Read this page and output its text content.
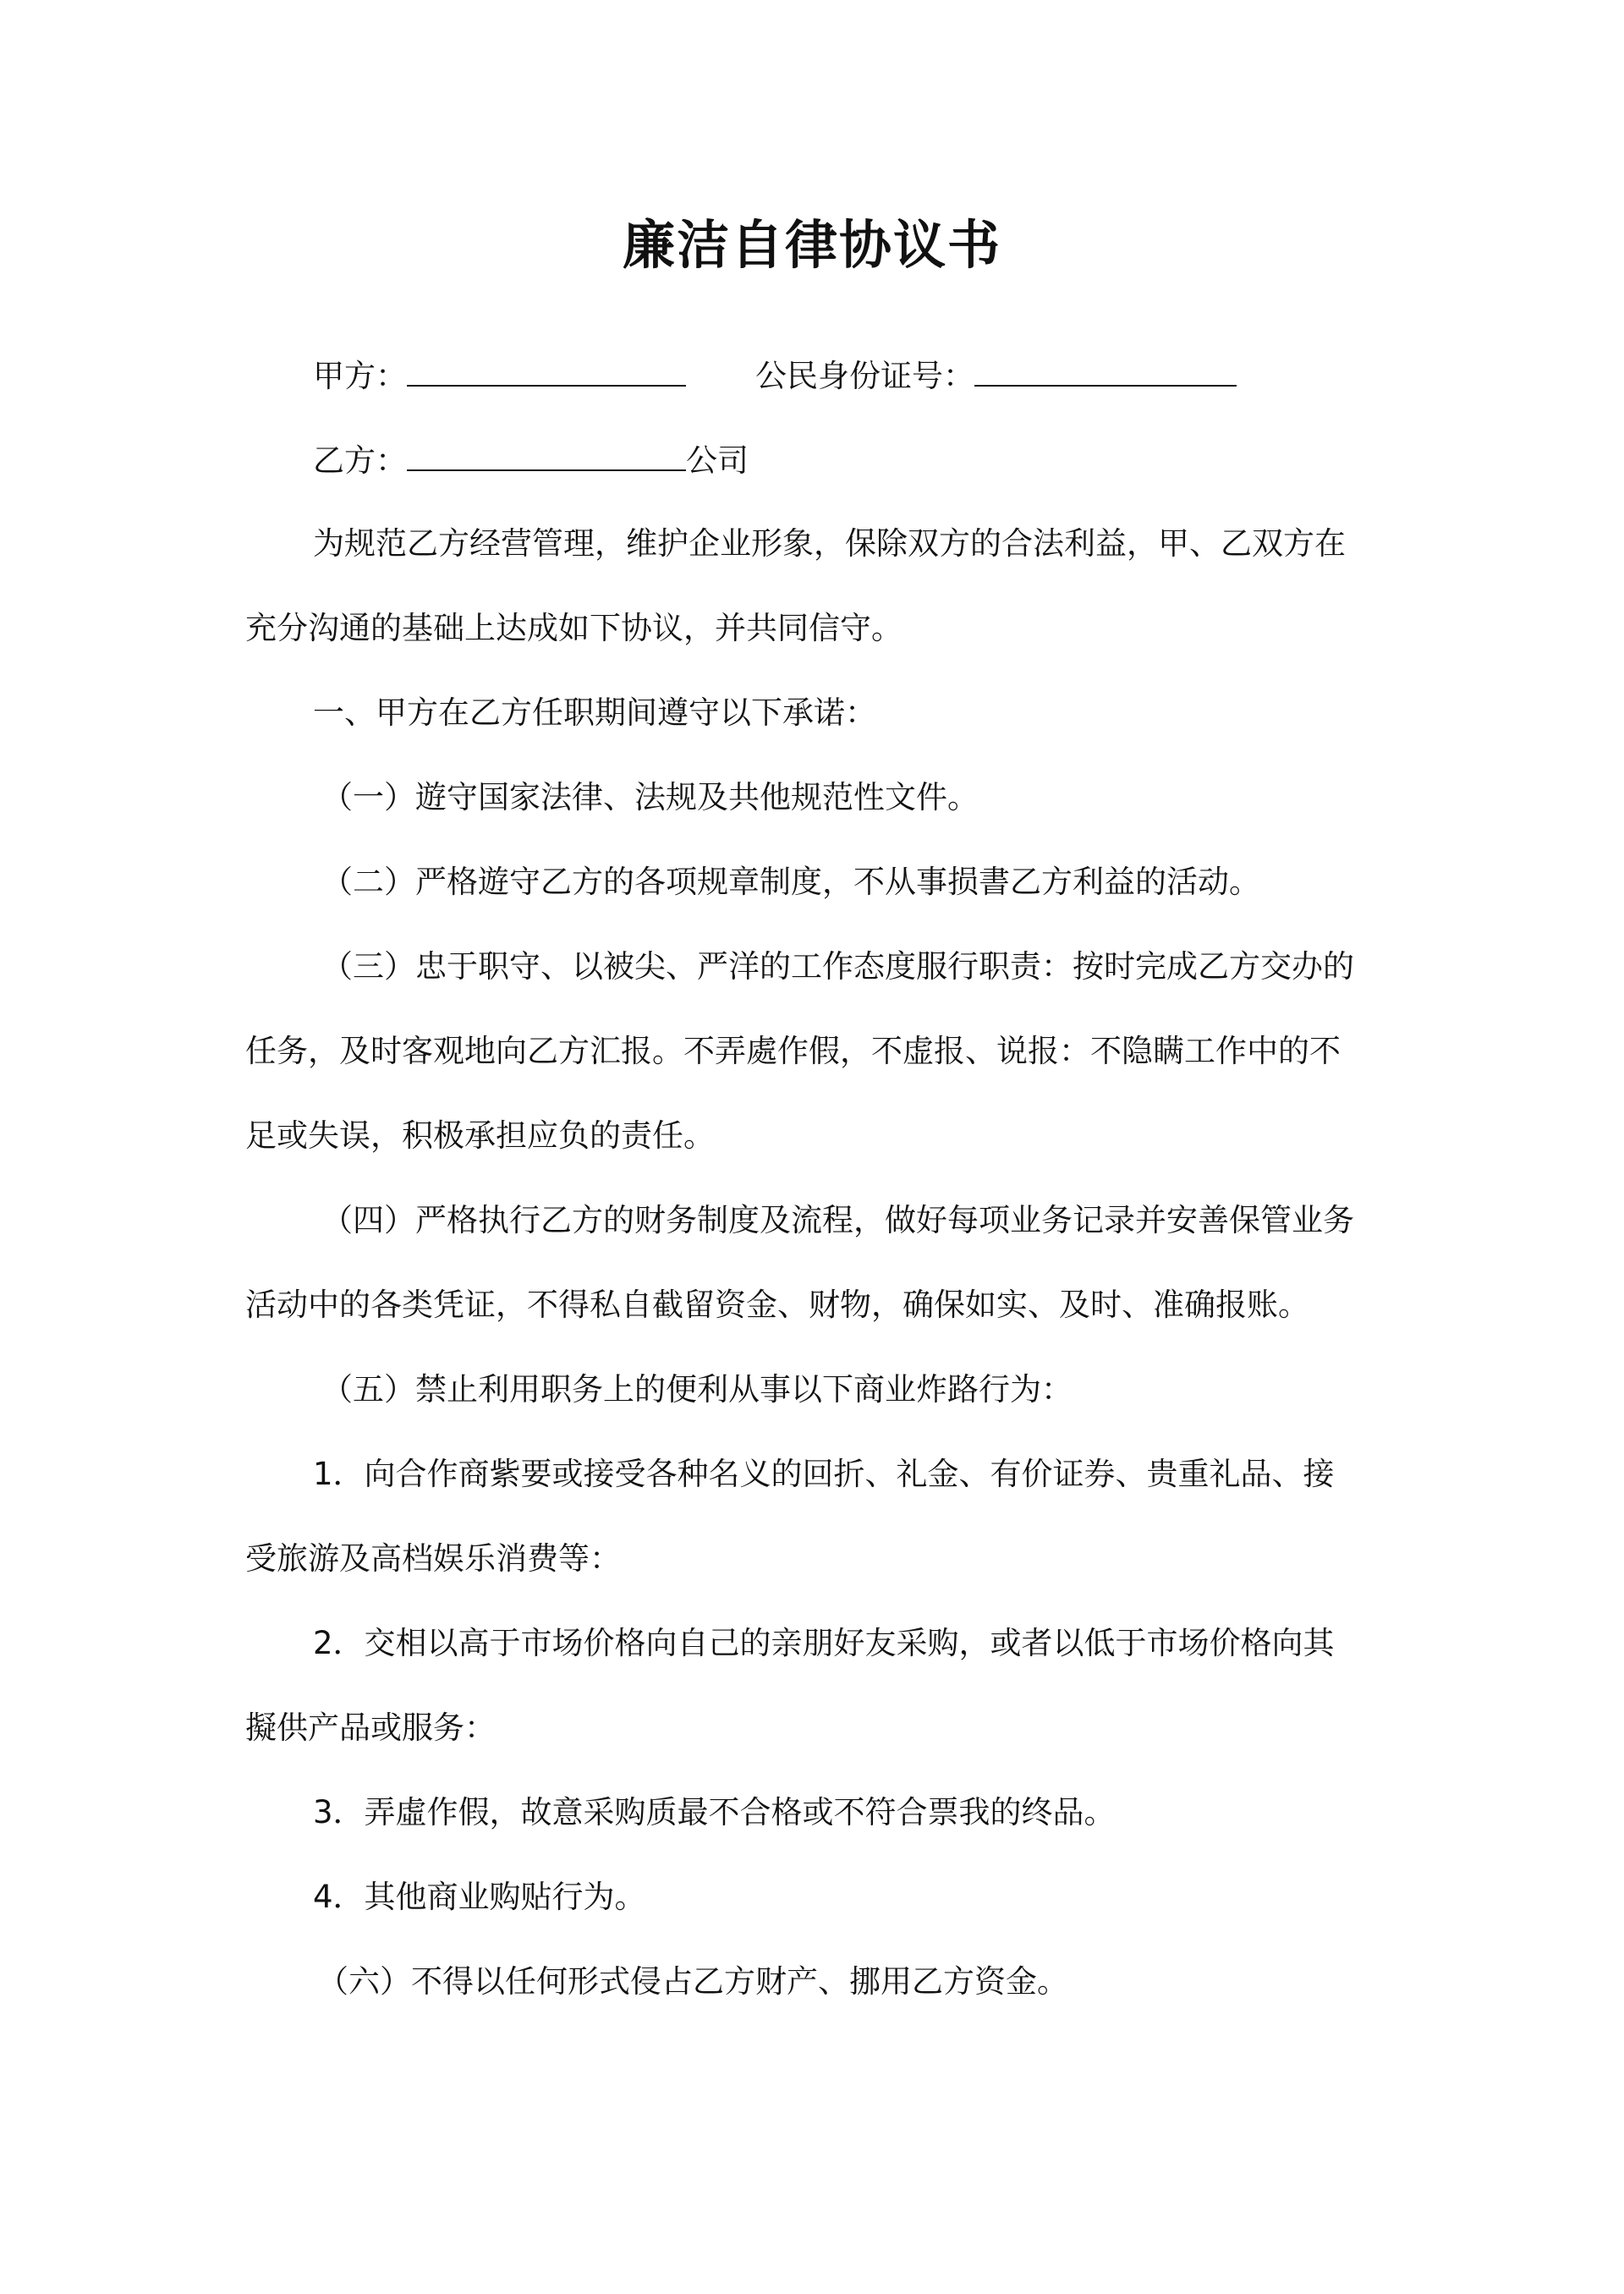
廉洁自律协议书
甲方：	公民身份证号：
乙方：	公司
为规范乙方经营管理，维护企业形象，保除双方的合法利益，甲、乙双方在
充分沟通的基础上达成如下协议，并共同信守。
一、甲方在乙方任职期间遵守以下承诺：
（一）遊守国家法律、法规及共他规范性文件。
（二）严格遊守乙方的各项规章制度，不从事损書乙方利益的活动。
（三）忠于职守、以被尖、严洋的工作态度服行职责：按时完成乙方交办的
任务，及时客观地向乙方汇报。不弄處作假，不虚报、说报：不隐瞒工作中的不
足或失误，积极承担应负的责任。
（四）严格执行乙方的财务制度及流程，做好每项业务记录并安善保管业务
活动中的各类凭证，不得私自截留资金、财物，确保如实、及时、准确报账。
（五）禁止利用职务上的便利从事以下商业炸路行为：
1．向合作商紫要或接受各种名义的回折、礼金、有价证券、贵重礼品、接
受旅游及高档娱乐消费等：
2．交相以高于市场价格向自己的亲朋好友采购，或者以低于市场价格向其
擬供产品或服务：
3．弄虛作假，故意采购质最不合格或不符合票我的终品。
4．其他商业购贴行为。
（六）不得以任何形式侵占乙方财产、挪用乙方资金。
